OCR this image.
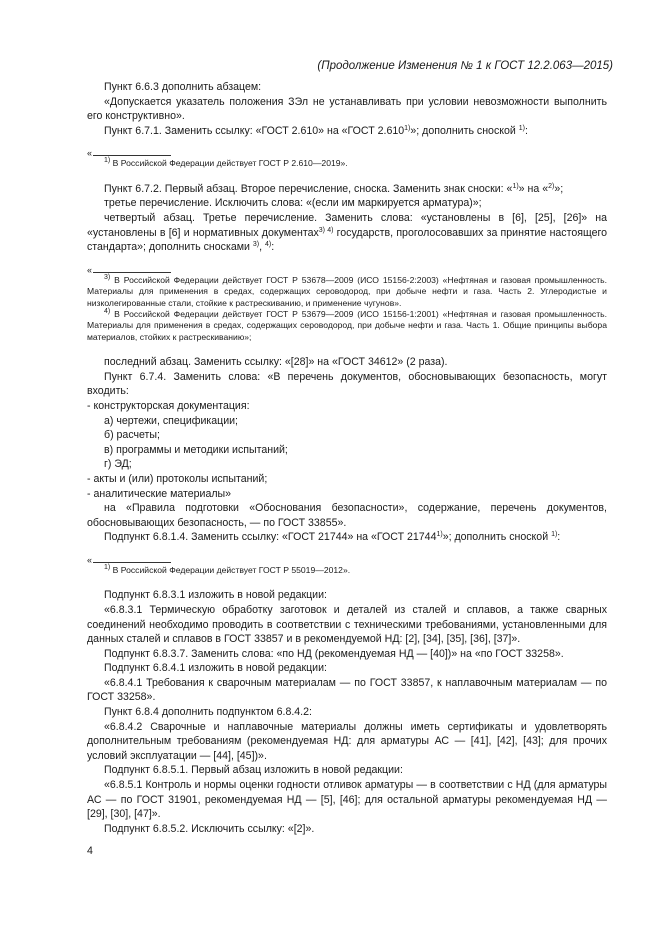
(Продолжение Изменения № 1 к ГОСТ 12.2.063—2015)

Пункт 6.6.3 дополнить абзацем:

«Допускается указатель положения ЗЭл не устанавливать при условии невозможности выполнить его конструктивно».

Пункт 6.7.1. Заменить ссылку: «ГОСТ 2.610» на «ГОСТ 2.610$^{1)}$»; дополнить сноской $^{1)}$:

«

$^{1)}$ В Российской Федерации действует ГОСТ Р 2.610—2019».

Пункт 6.7.2. Первый абзац. Второе перечисление, сноска. Заменить знак сноски: «$^{1)}$» на «$^{2)}$»;

третье перечисление. Исключить слова: «(если им маркируется арматура)»;

четвертый абзац. Третье перечисление. Заменить слова: «установлены в [6], [25], [26]» на «установлены в [6] и нормативных документах$^{3) 4)}$ государств, проголосовавших за принятие настоящего стандарта»; дополнить сносками $^{3)}$, $^{4)}$:

«

$^{3)}$ В Российской Федерации действует ГОСТ Р 53678—2009 (ИСО 15156-2:2003) «Нефтяная и газовая промышленность. Материалы для применения в средах, содержащих сероводород, при добыче нефти и газа. Часть 2. Углеродистые и низколегированные стали, стойкие к растрескиванию, и применение чугунов».

$^{4)}$ В Российской Федерации действует ГОСТ Р 53679—2009 (ИСО 15156-1:2001) «Нефтяная и газовая промышленность. Материалы для применения в средах, содержащих сероводород, при добыче нефти и газа. Часть 1. Общие принципы выбора материалов, стойких к растрескиванию»;

последний абзац. Заменить ссылку: «[28]» на «ГОСТ 34612» (2 раза).

Пункт 6.7.4. Заменить слова: «В перечень документов, обосновывающих безопасность, могут входить:

- конструкторская документация:

а) чертежи, спецификации;

б) расчеты;

в) программы и методики испытаний;

г) ЭД;

- акты и (или) протоколы испытаний;

- аналитические материалы»

на «Правила подготовки «Обоснования безопасности», содержание, перечень документов, обосновывающих безопасность, — по ГОСТ 33855».

Подпункт 6.8.1.4. Заменить ссылку: «ГОСТ 21744» на «ГОСТ 21744$^{1)}$»; дополнить сноской $^{1)}$:

«

$^{1)}$ В Российской Федерации действует ГОСТ Р 55019—2012».

Подпункт 6.8.3.1 изложить в новой редакции:

«6.8.3.1 Термическую обработку заготовок и деталей из сталей и сплавов, а также сварных соединений необходимо проводить в соответствии с техническими требованиями, установленными для данных сталей и сплавов в ГОСТ 33857 и в рекомендуемой НД: [2], [34], [35], [36], [37]».

Подпункт 6.8.3.7. Заменить слова: «по НД (рекомендуемая НД — [40])» на «по ГОСТ 33258».

Подпункт 6.8.4.1 изложить в новой редакции:

«6.8.4.1 Требования к сварочным материалам — по ГОСТ 33857, к наплавочным материалам — по ГОСТ 33258».

Пункт 6.8.4 дополнить подпунктом 6.8.4.2:

«6.8.4.2 Сварочные и наплавочные материалы должны иметь сертификаты и удовлетворять дополнительным требованиям (рекомендуемая НД: для арматуры АС — [41], [42], [43]; для прочих условий эксплуатации — [44], [45])».

Подпункт 6.8.5.1. Первый абзац изложить в новой редакции:

«6.8.5.1 Контроль и нормы оценки годности отливок арматуры — в соответствии с НД (для арматуры АС — по ГОСТ 31901, рекомендуемая НД — [5], [46]; для остальной арматуры рекомендуемая НД — [29], [30], [47]».

Подпункт 6.8.5.2. Исключить ссылку: «[2]».

4
